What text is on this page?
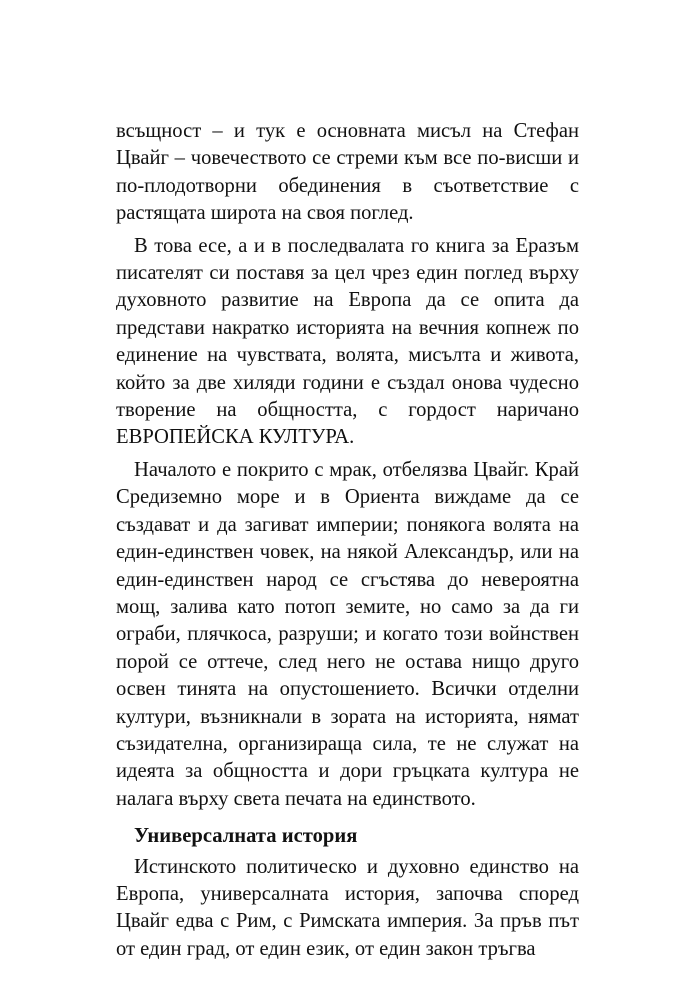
всъщност – и тук е основната мисъл на Стефан Цвайг – човечеството се стреми към все по-висши и по-плодотворни обединения в съответствие с растящата широта на своя поглед.

В това есе, а и в последвалата го книга за Еразъм писателят си поставя за цел чрез един поглед върху духовното развитие на Европа да се опита да представи накратко историята на вечния копнеж по единение на чувствата, волята, мисълта и живота, който за две хиляди години е създал онова чудесно творение на общността, с гордост наричано ЕВРОПЕЙСКА КУЛТУРА.

Началото е покрито с мрак, отбелязва Цвайг. Край Средиземно море и в Ориента виждаме да се създават и да загиват империи; понякога волята на един-единствен човек, на някой Александър, или на един-единствен народ се сгъстява до невероятна мощ, залива като потоп земите, но само за да ги ограби, плячкоса, разруши; и когато този войнствен порой се оттече, след него не остава нищо друго освен тинята на опустошението. Всички отделни култури, възникнали в зората на историята, нямат съзидателна, организираща сила, те не служат на идеята за общността и дори гръцката култура не налага върху света печата на единството.

Универсалната история

Истинското политическо и духовно единство на Европа, универсалната история, започва според Цвайг едва с Рим, с Римската империя. За пръв път от един град, от един език, от един закон тръгва
